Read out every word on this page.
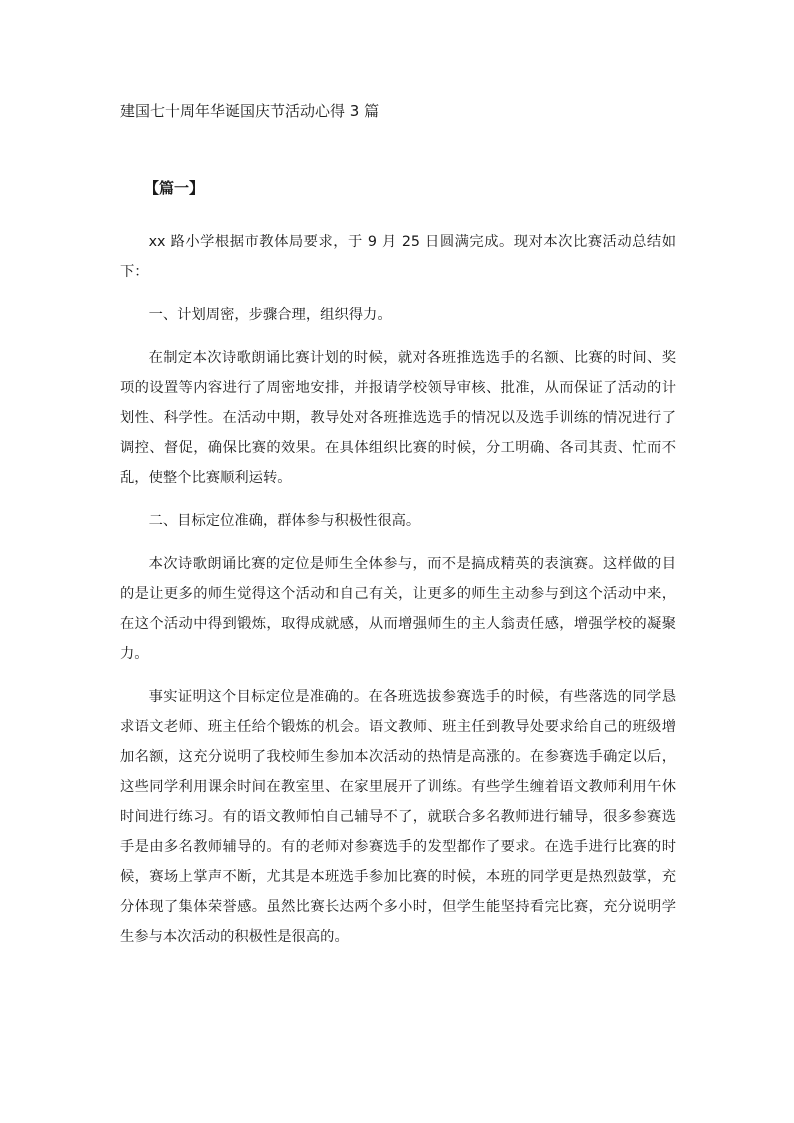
建国七十周年华诞国庆节活动心得 3 篇
【篇一】

xx 路小学根据市教体局要求，于 9 月 25 日圆满完成。现对本次比赛活动总结如下：

一、计划周密，步骤合理，组织得力。

在制定本次诗歌朗诵比赛计划的时候，就对各班推选选手的名额、比赛的时间、奖项的设置等内容进行了周密地安排，并报请学校领导审核、批准，从而保证了活动的计划性、科学性。在活动中期，教导处对各班推选选手的情况以及选手训练的情况进行了调控、督促，确保比赛的效果。在具体组织比赛的时候，分工明确、各司其责、忙而不乱，使整个比赛顺利运转。

二、目标定位准确，群体参与积极性很高。

本次诗歌朗诵比赛的定位是师生全体参与，而不是搞成精英的表演赛。这样做的目的是让更多的师生觉得这个活动和自己有关，让更多的师生主动参与到这个活动中来，在这个活动中得到锻炼，取得成就感，从而增强师生的主人翁责任感，增强学校的凝聚力。

事实证明这个目标定位是准确的。在各班选拔参赛选手的时候，有些落选的同学恳求语文老师、班主任给个锻炼的机会。语文教师、班主任到教导处要求给自己的班级增加名额，这充分说明了我校师生参加本次活动的热情是高涨的。在参赛选手确定以后，这些同学利用课余时间在教室里、在家里展开了训练。有些学生缠着语文教师利用午休时间进行练习。有的语文教师怕自己辅导不了，就联合多名教师进行辅导，很多参赛选手是由多名教师辅导的。有的老师对参赛选手的发型都作了要求。在选手进行比赛的时候，赛场上掌声不断，尤其是本班选手参加比赛的时候，本班的同学更是热烈鼓掌，充分体现了集体荣誉感。虽然比赛长达两个多小时，但学生能坚持看完比赛，充分说明学生参与本次活动的积极性是很高的。
